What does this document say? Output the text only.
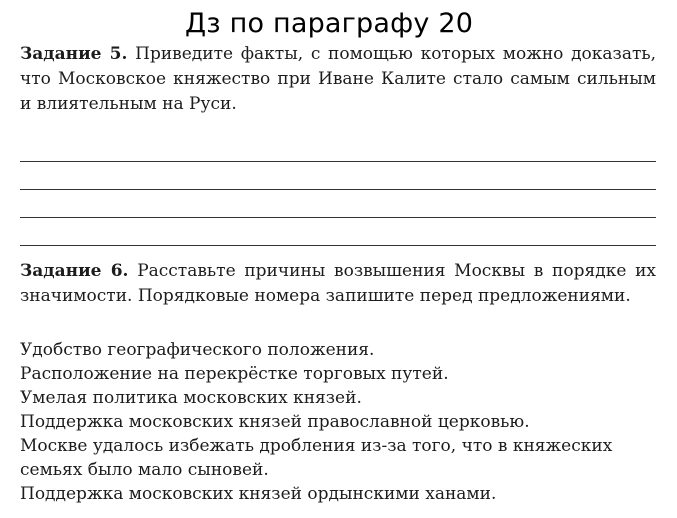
Дз по параграфу 20
Задание 5. Приведите факты, с помощью которых можно доказать, что Московское княжество при Иване Калите стало самым сильным и влиятельным на Руси.
Задание 6. Расставьте причины возвышения Москвы в порядке их значимости. Порядковые номера запишите перед предложениями.

Удобство географического положения.

Расположение на перекрёстке торговых путей.

Умелая политика московских князей.

Поддержка московских князей православной церковью.

Москве удалось избежать дробления из-за того, что в княжеских семьях было мало сыновей.

Поддержка московских князей ордынскими ханами.
